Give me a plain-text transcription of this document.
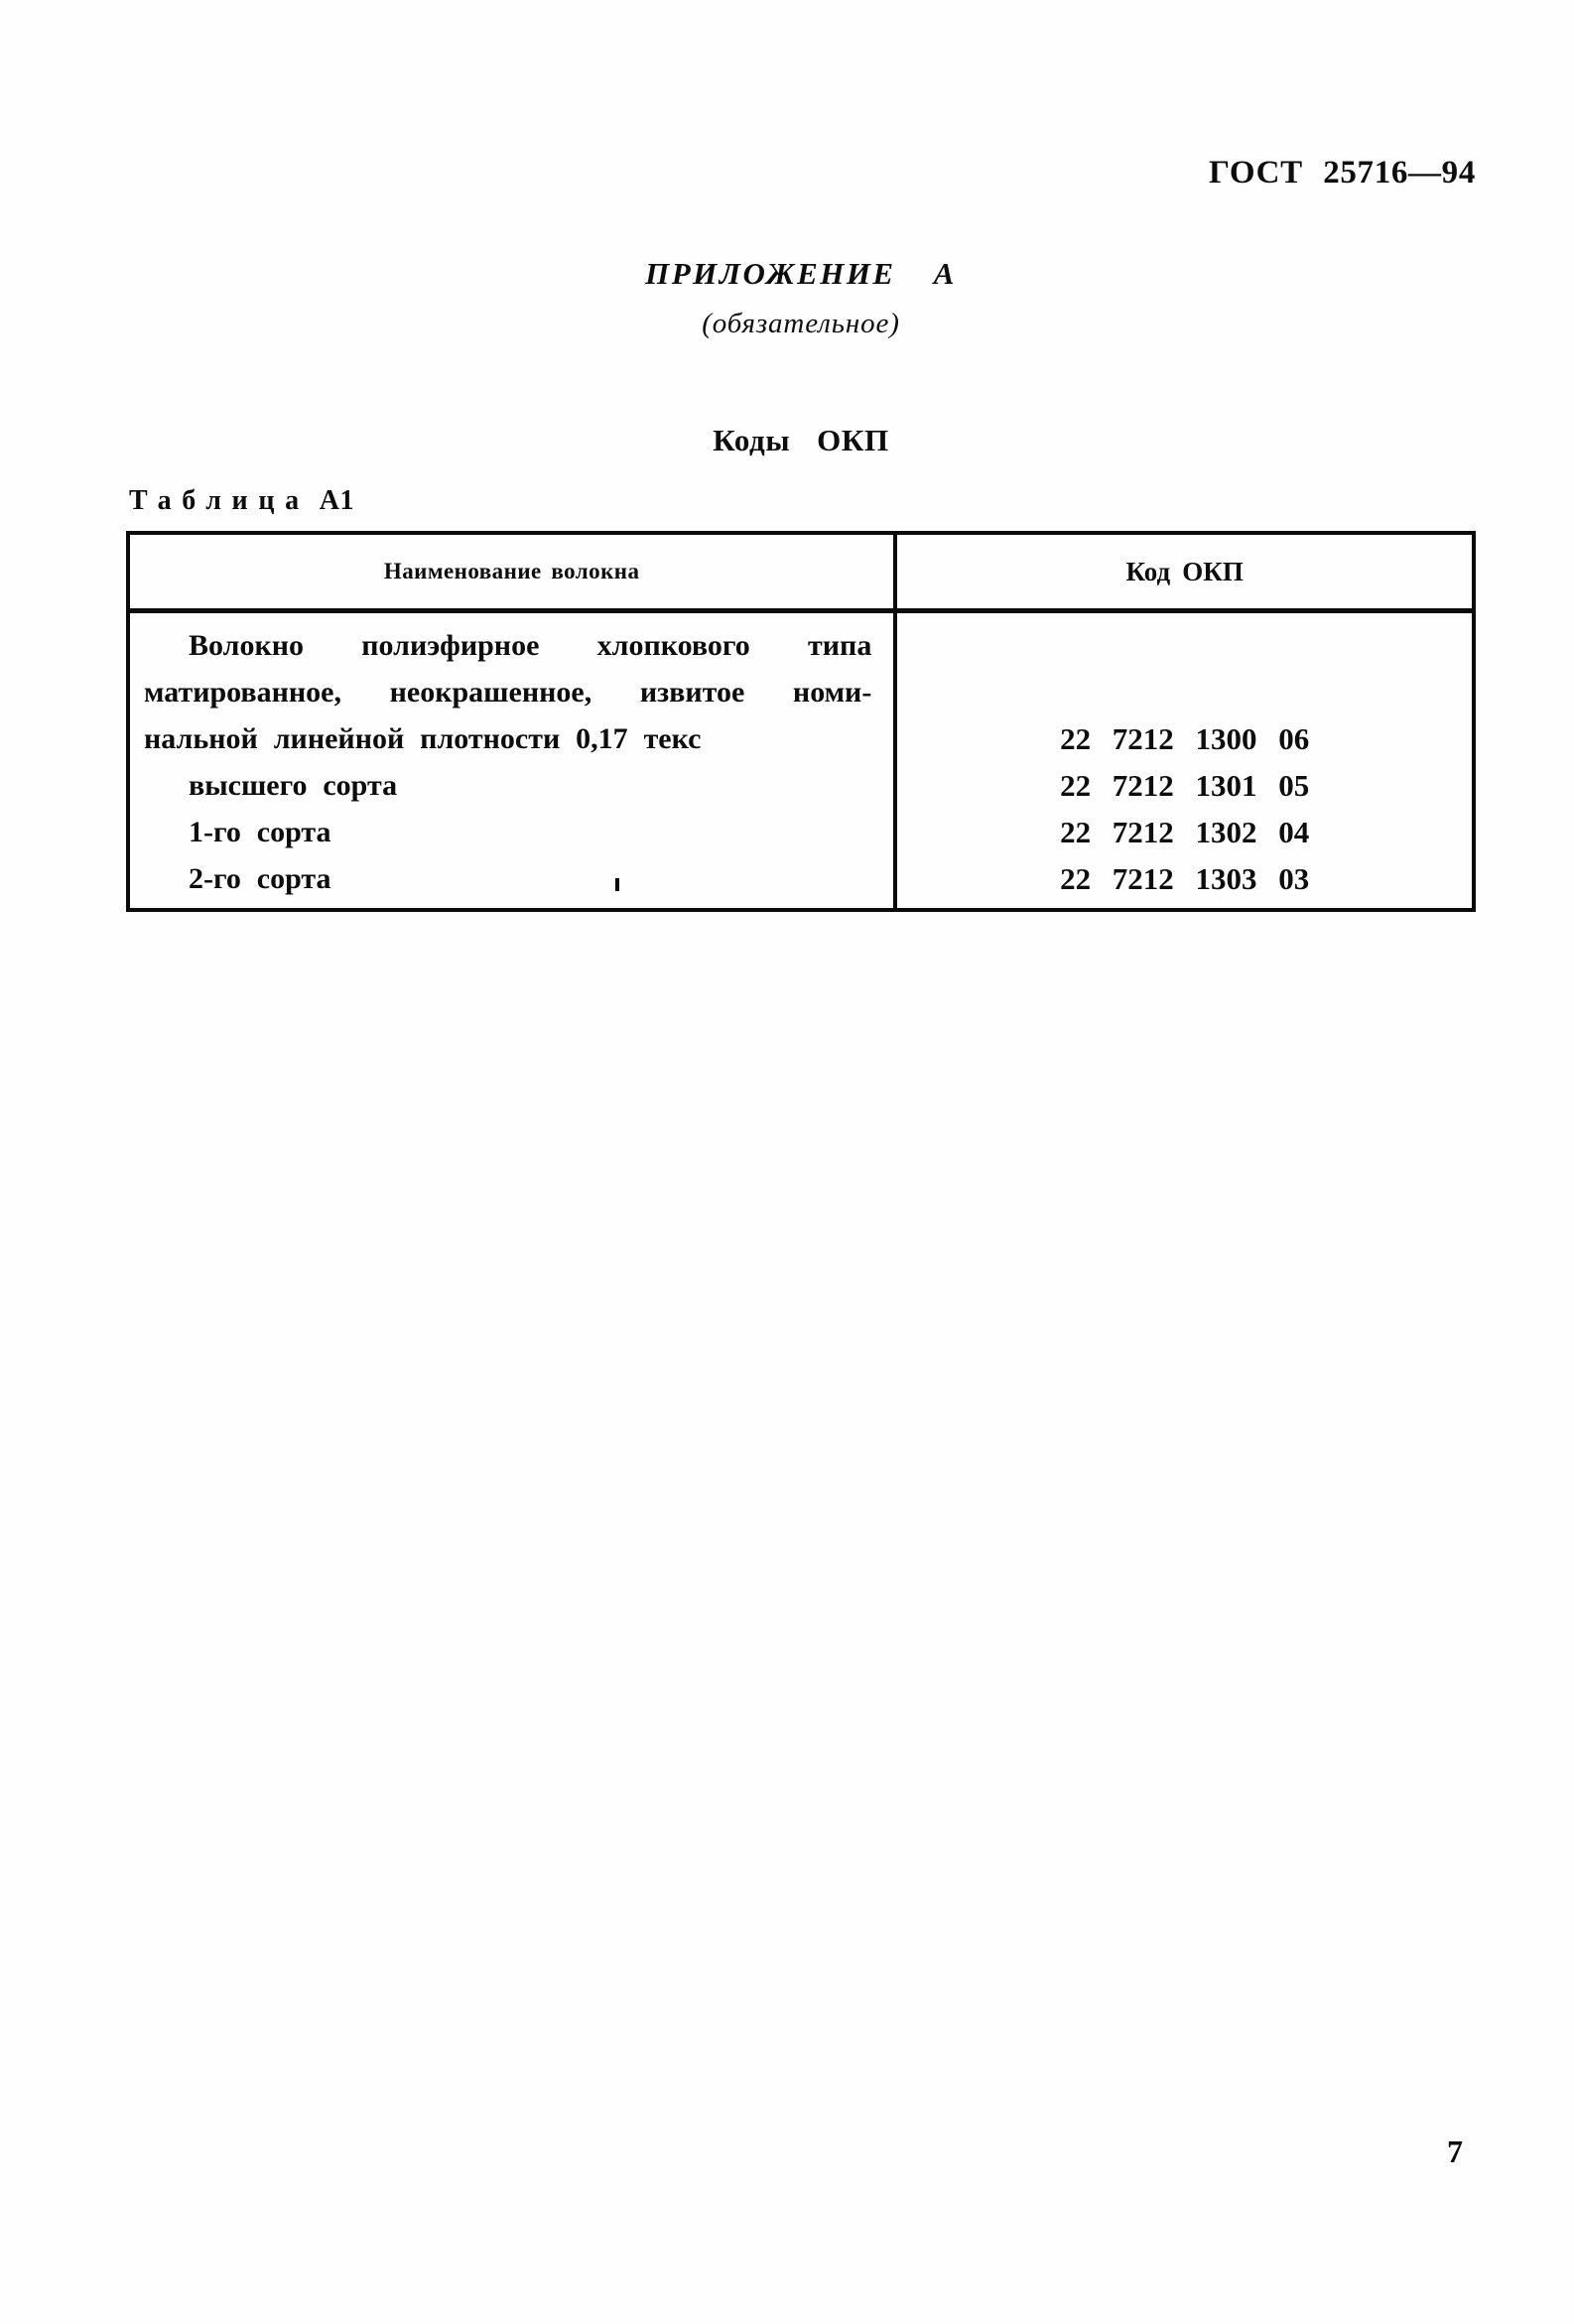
ГОСТ 25716—94
ПРИЛОЖЕНИЕ А
(обязательное)
Коды ОКП
Таблица А1
Наименование волокна	Код ОКП
Волокно полиэфирное хлопкового типа
матированное, неокрашенное, извитое номи-
нальной линейной плотности 0,17 текс
высшего сорта
1-го сорта
2-го сорта
22 7212 1300 06
22 7212 1301 05
22 7212 1302 04
22 7212 1303 03
7
